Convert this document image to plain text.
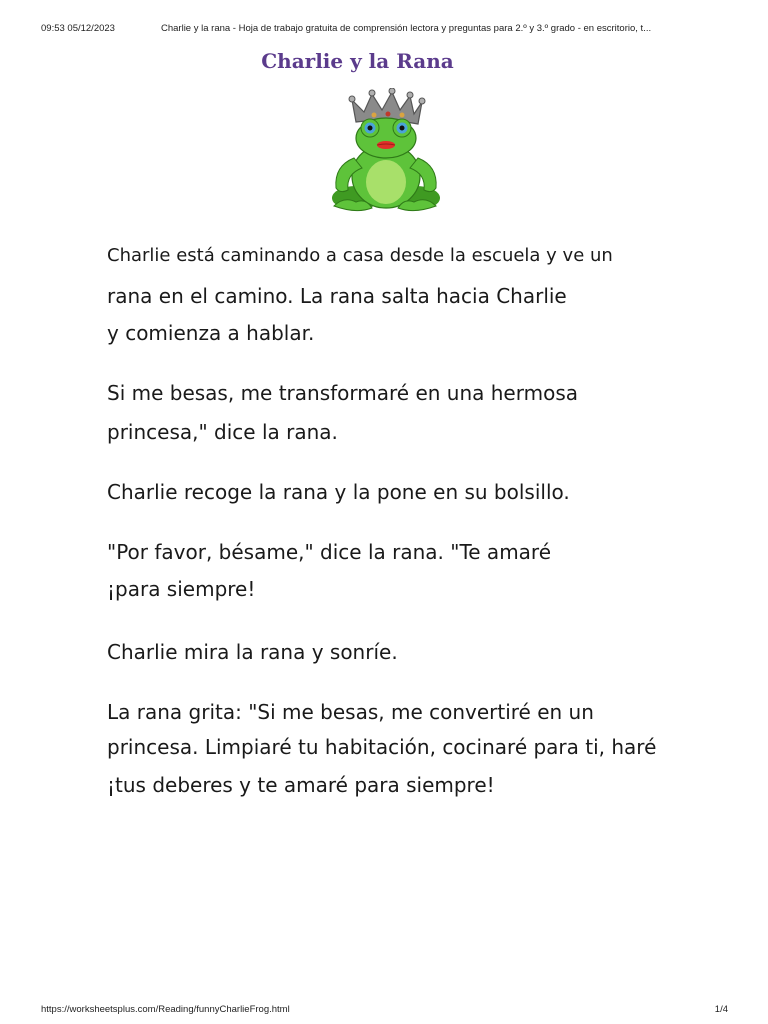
09:53 05/12/2023	Charlie y la rana - Hoja de trabajo gratuita de comprensión lectora y preguntas para 2.º y 3.º grado - en escritorio, t...
Charlie y la Rana
Charlie está caminando a casa desde la escuela y ve un
rana en el camino. La rana salta hacia Charlie
y comienza a hablar.
Si me besas, me transformaré en una hermosa
princesa," dice la rana.
Charlie recoge la rana y la pone en su bolsillo.
"Por favor, bésame," dice la rana. "Te amaré
¡para siempre!
Charlie mira la rana y sonríe.
La rana grita: "Si me besas, me convertiré en un
princesa. Limpiaré tu habitación, cocinaré para ti, haré
¡tus deberes y te amaré para siempre!
https://worksheetsplus.com/Reading/funnyCharlieFrog.html	1/4
